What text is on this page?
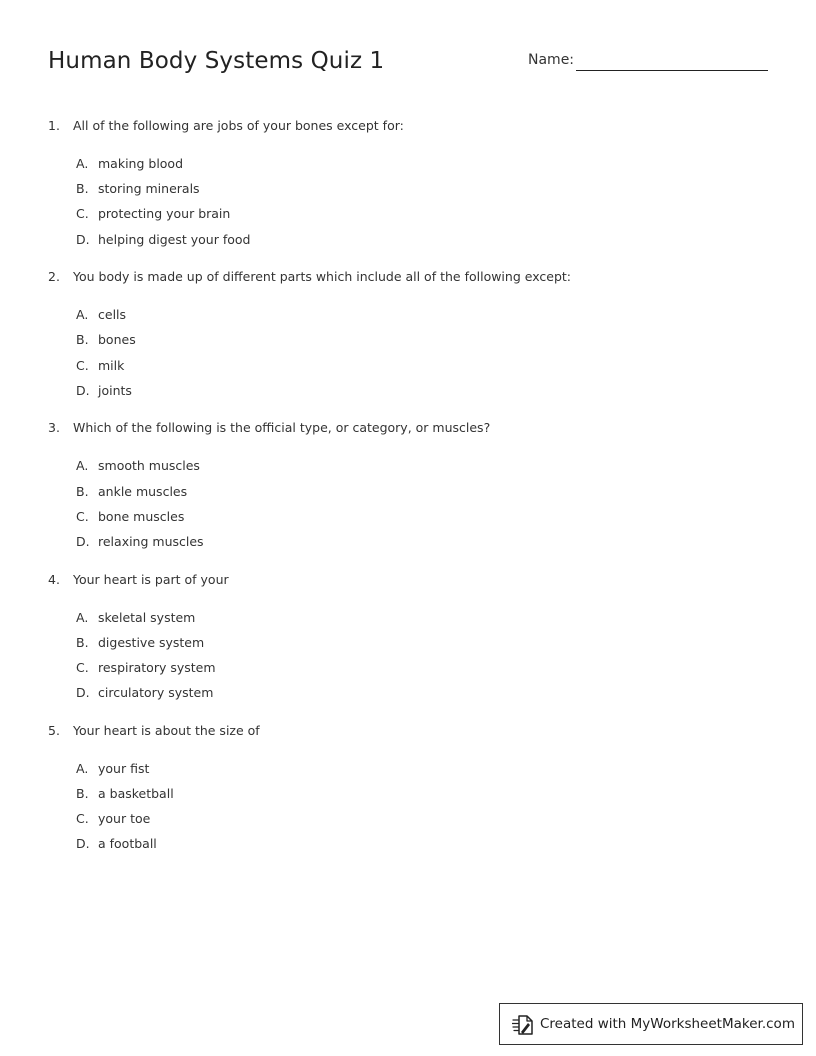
Human Body Systems Quiz 1	Name:
1. All of the following are jobs of your bones except for:
A. making blood
B. storing minerals
C. protecting your brain
D. helping digest your food
2. You body is made up of different parts which include all of the following except:
A. cells
B. bones
C. milk
D. joints
3. Which of the following is the official type, or category, or muscles?
A. smooth muscles
B. ankle muscles
C. bone muscles
D. relaxing muscles
4. Your heart is part of your
A. skeletal system
B. digestive system
C. respiratory system
D. circulatory system
5. Your heart is about the size of
A. your fist
B. a basketball
C. your toe
D. a football
Created with MyWorksheetMaker.com
